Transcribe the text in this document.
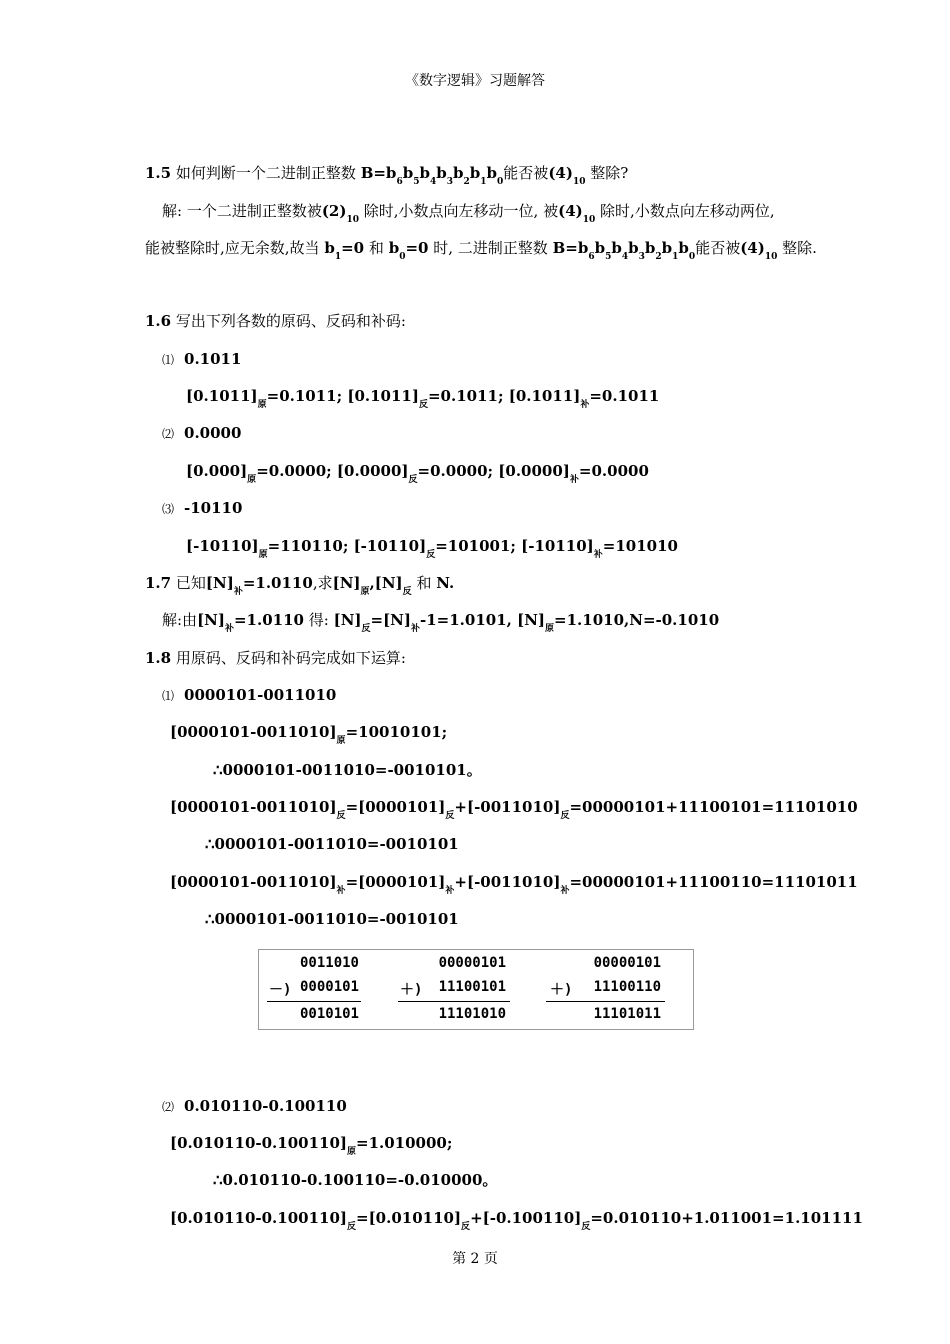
《数字逻辑》习题解答
1.5 如何判断一个二进制正整数 $B=b_6b_5b_4b_3b_2b_1b_0$能否被$(4)_{10}$ 整除?
解: 一个二进制正整数被$(2)_{10}$ 除时,小数点向左移动一位, 被$(4)_{10}$ 除时,小数点向左移动两位,
能被整除时,应无余数,故当 $b_1=0$ 和 $b_0=0$ 时, 二进制正整数 $B=b_6b_5b_4b_3b_2b_1b_0$能否被$(4)_{10}$ 整除.
1.6 写出下列各数的原码、反码和补码:
⑴ 0.1011
$[0.1011]_原=0.1011$; $[0.1011]_反=0.1011$; $[0.1011]_补=0.1011$
⑵ 0.0000
$[0.000]_原=0.0000$; $[0.0000]_反=0.0000$; $[0.0000]_补=0.0000$
⑶ -10110
$[-10110]_原=110110$; $[-10110]_反=101001$; $[-10110]_补=101010$
1.7 已知$[N]_补=1.0110$,求$[N]_原,[N]_反$ 和 N.
解:由$[N]_补=1.0110$ 得: $[N]_反=[N]_补-1=1.0101$, $[N]_原=1.1010,N=-0.1010$
1.8 用原码、反码和补码完成如下运算:
⑴ 0000101-0011010
$[0000101-0011010]_原=10010101$;
∴0000101-0011010=-0010101。
$[0000101-0011010]_反=[0000101]_反+[-0011010]_反=00000101+11100101=11101010$
∴0000101-0011010=-0010101
$[0000101-0011010]_补=[0000101]_补+[-0011010]_补=00000101+11100110=11101011$
∴0000101-0011010=-0010101
0011010
－) 0000101
0010101
00000101
＋) 11100101
11101010
00000101
＋) 11100110
11101011
⑵ 0.010110-0.100110
$[0.010110-0.100110]_原=1.010000$;
∴0.010110-0.100110=-0.010000。
$[0.010110-0.100110]_反=[0.010110]_反+[-0.100110]_反=0.010110+1.011001=1.101111$
第 2 页
